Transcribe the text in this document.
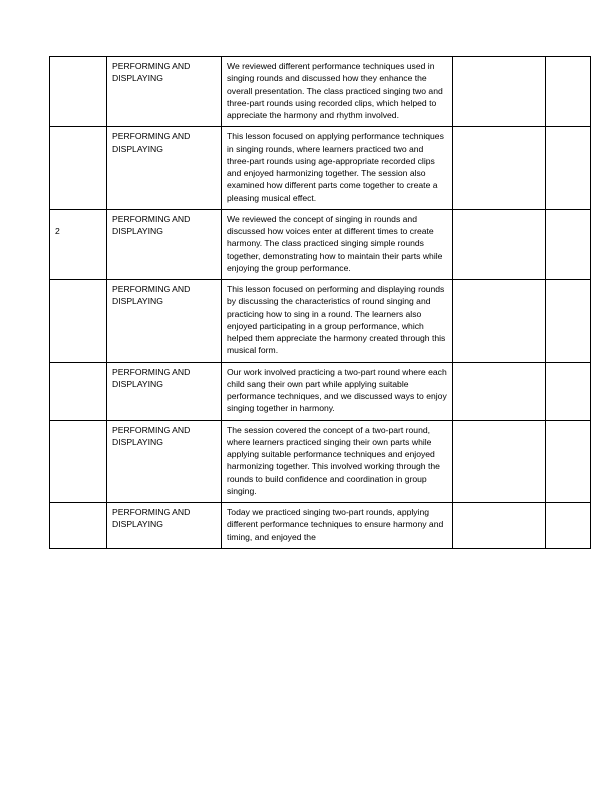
	PERFORMING AND DISPLAYING	We reviewed different performance techniques used in singing rounds and discussed how they enhance the overall presentation. The class practiced singing two and three-part rounds using recorded clips, which helped to appreciate the harmony and rhythm involved.		
	PERFORMING AND DISPLAYING	This lesson focused on applying performance techniques in singing rounds, where learners practiced two and three-part rounds using age-appropriate recorded clips and enjoyed harmonizing together. The session also examined how different parts come together to create a pleasing musical effect.		
2	PERFORMING AND DISPLAYING	We reviewed the concept of singing in rounds and discussed how voices enter at different times to create harmony. The class practiced singing simple rounds together, demonstrating how to maintain their parts while enjoying the group performance.		
	PERFORMING AND DISPLAYING	This lesson focused on performing and displaying rounds by discussing the characteristics of round singing and practicing how to sing in a round. The learners also enjoyed participating in a group performance, which helped them appreciate the harmony created through this musical form.		
	PERFORMING AND DISPLAYING	Our work involved practicing a two-part round where each child sang their own part while applying suitable performance techniques, and we discussed ways to enjoy singing together in harmony.		
	PERFORMING AND DISPLAYING	The session covered the concept of a two-part round, where learners practiced singing their own parts while applying suitable performance techniques and enjoyed harmonizing together. This involved working through the rounds to build confidence and coordination in group singing.		
	PERFORMING AND DISPLAYING	Today we practiced singing two-part rounds, applying different performance techniques to ensure harmony and timing, and enjoyed the		
